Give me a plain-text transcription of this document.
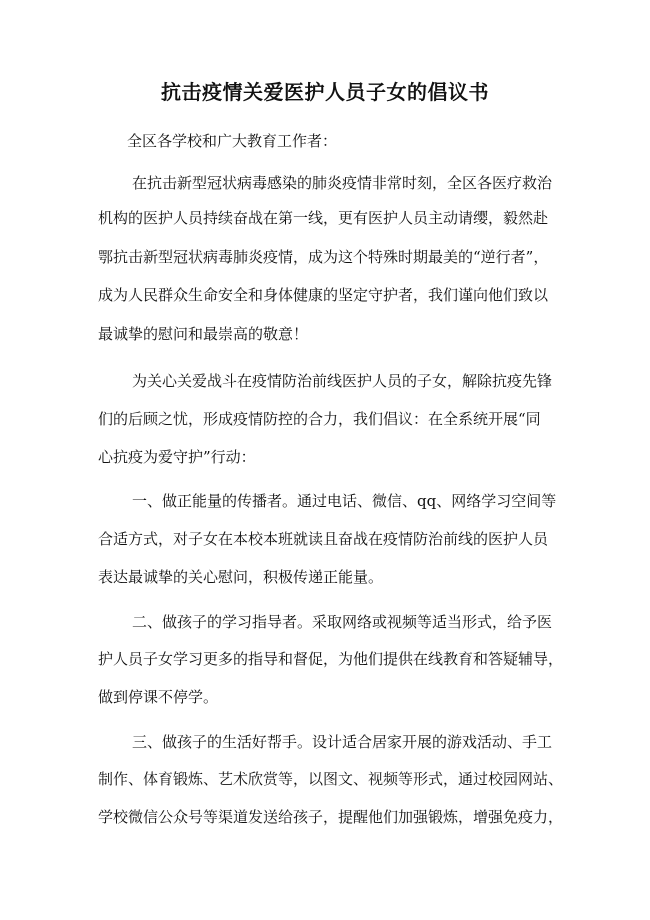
抗击疫情关爱医护人员子女的倡议书
全区各学校和广大教育工作者：
在抗击新型冠状病毒感染的肺炎疫情非常时刻，全区各医疗救治
机构的医护人员持续奋战在第一线，更有医护人员主动请缨，毅然赴
鄂抗击新型冠状病毒肺炎疫情，成为这个特殊时期最美的“逆行者”，
成为人民群众生命安全和身体健康的坚定守护者，我们谨向他们致以
最诚挚的慰问和最崇高的敬意！
为关心关爱战斗在疫情防治前线医护人员的子女，解除抗疫先锋
们的后顾之忧，形成疫情防控的合力，我们倡议：在全系统开展“同
心抗疫为爱守护”行动：
一、做正能量的传播者。通过电话、微信、qq、网络学习空间等
合适方式，对子女在本校本班就读且奋战在疫情防治前线的医护人员
表达最诚挚的关心慰问，积极传递正能量。
二、做孩子的学习指导者。采取网络或视频等适当形式，给予医
护人员子女学习更多的指导和督促，为他们提供在线教育和答疑辅导，
做到停课不停学。
三、做孩子的生活好帮手。设计适合居家开展的游戏活动、手工
制作、体育锻炼、艺术欣赏等，以图文、视频等形式，通过校园网站、
学校微信公众号等渠道发送给孩子，提醒他们加强锻炼，增强免疫力，
